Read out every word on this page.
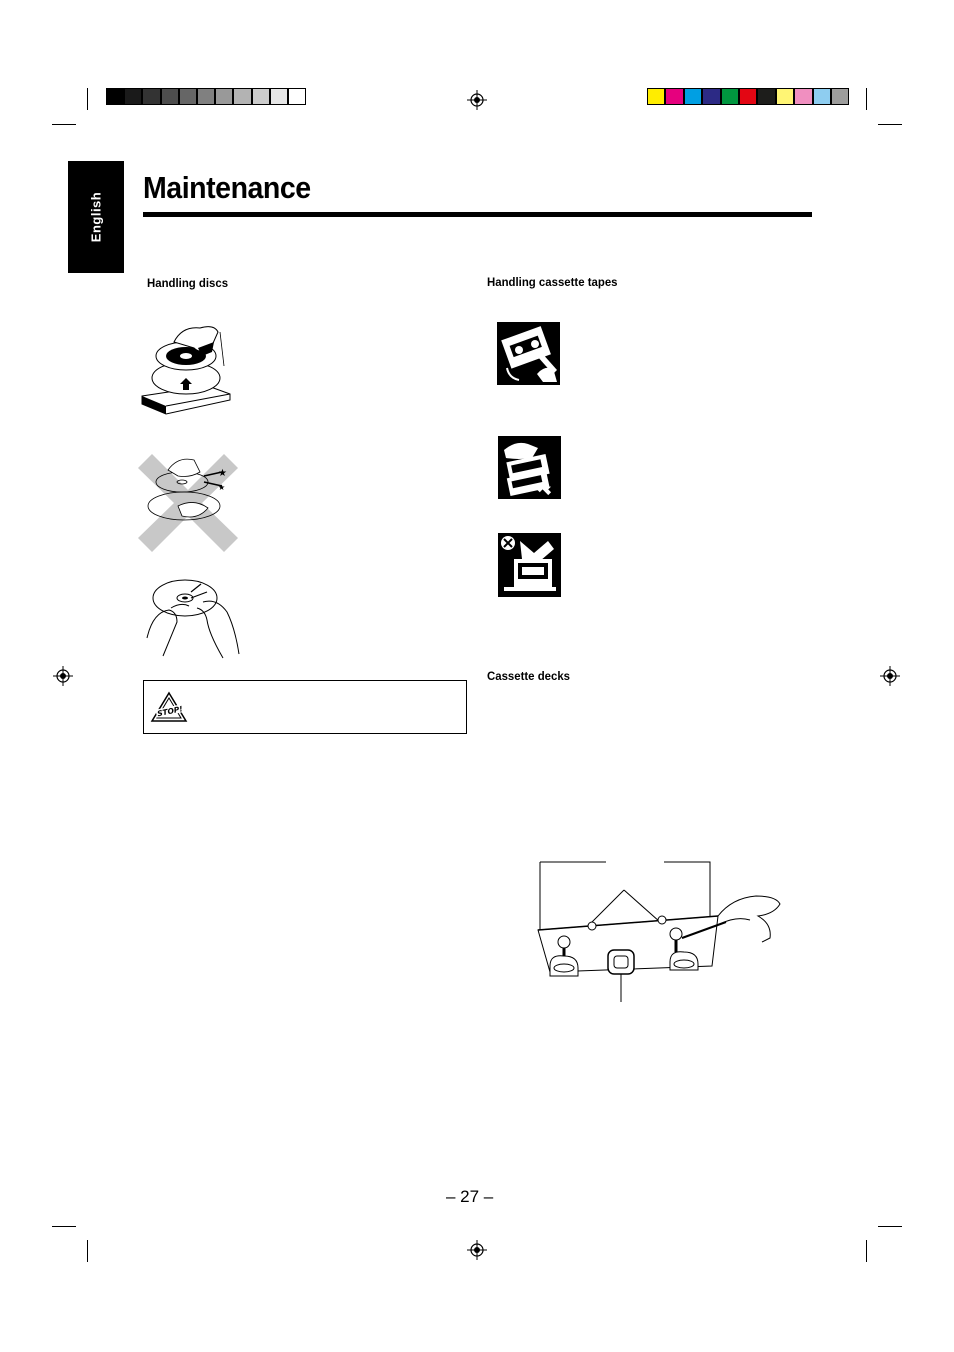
English
Maintenance
Handling discs	Handling cassette tapes
Cassette decks
★
★
STOP!
– 27 –
